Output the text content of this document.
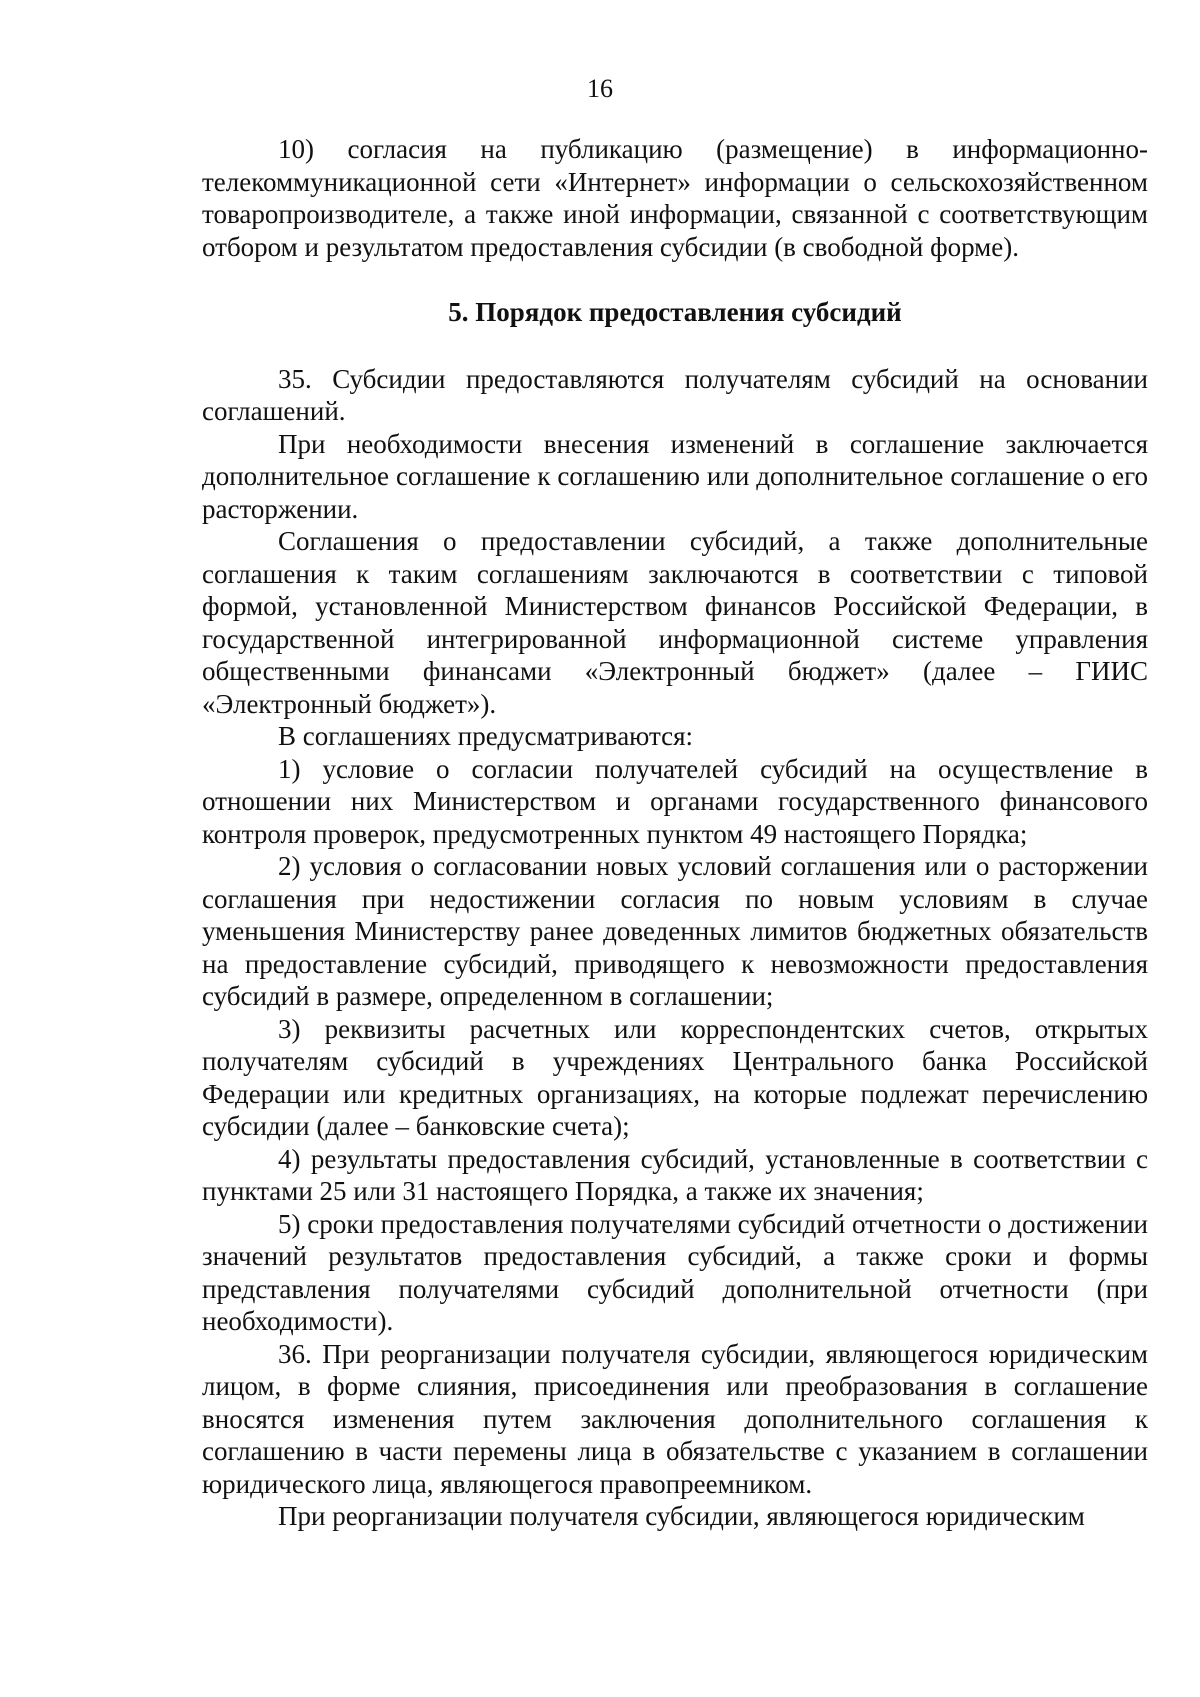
16

10) согласия на публикацию (размещение) в информационно-телекоммуникационной сети «Интернет» информации о сельскохозяйственном товаропроизводителе, а также иной информации, связанной с соответствующим отбором и результатом предоставления субсидии (в свободной форме).

5. Порядок предоставления субсидий

35. Субсидии предоставляются получателям субсидий на основании соглашений.

При необходимости внесения изменений в соглашение заключается дополнительное соглашение к соглашению или дополнительное соглашение о его расторжении.

Соглашения о предоставлении субсидий, а также дополнительные соглашения к таким соглашениям заключаются в соответствии с типовой формой, установленной Министерством финансов Российской Федерации, в государственной интегрированной информационной системе управления общественными финансами «Электронный бюджет» (далее – ГИИС «Электронный бюджет»).

В соглашениях предусматриваются:

1) условие о согласии получателей субсидий на осуществление в отношении них Министерством и органами государственного финансового контроля проверок, предусмотренных пунктом 49 настоящего Порядка;

2) условия о согласовании новых условий соглашения или о расторжении соглашения при недостижении согласия по новым условиям в случае уменьшения Министерству ранее доведенных лимитов бюджетных обязательств на предоставление субсидий, приводящего к невозможности предоставления субсидий в размере, определенном в соглашении;

3) реквизиты расчетных или корреспондентских счетов, открытых получателям субсидий в учреждениях Центрального банка Российской Федерации или кредитных организациях, на которые подлежат перечислению субсидии (далее – банковские счета);

4) результаты предоставления субсидий, установленные в соответствии с пунктами 25 или 31 настоящего Порядка, а также их значения;

5) сроки предоставления получателями субсидий отчетности о достижении значений результатов предоставления субсидий, а также сроки и формы представления получателями субсидий дополнительной отчетности (при необходимости).

36. При реорганизации получателя субсидии, являющегося юридическим лицом, в форме слияния, присоединения или преобразования в соглашение вносятся изменения путем заключения дополнительного соглашения к соглашению в части перемены лица в обязательстве с указанием в соглашении юридического лица, являющегося правопреемником.

При реорганизации получателя субсидии, являющегося юридическим
